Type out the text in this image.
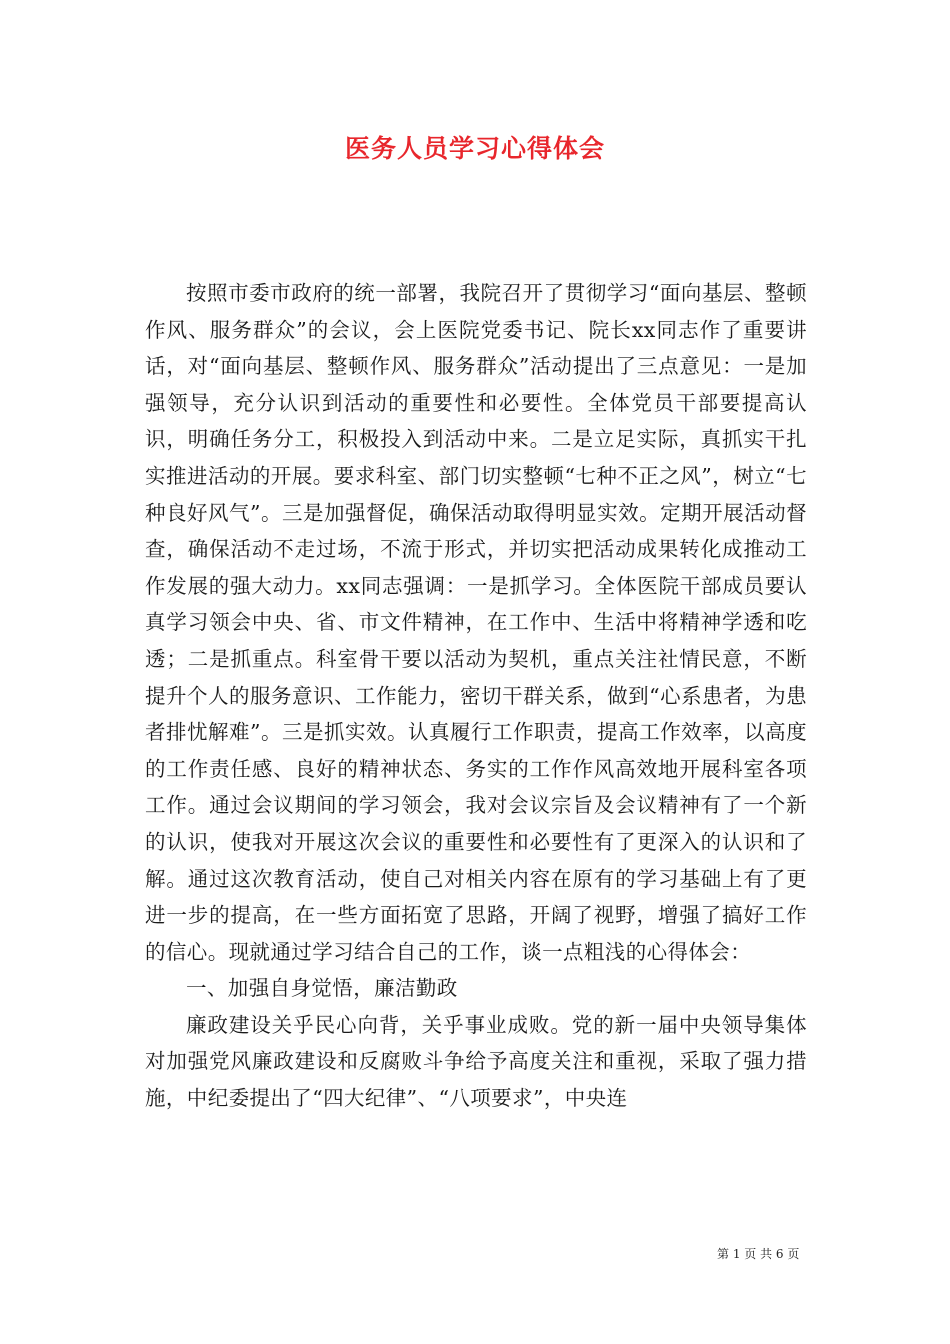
医务人员学习心得体会

按照市委市政府的统一部署，我院召开了贯彻学习“面向基层、整顿作风、服务群众”的会议，会上医院党委书记、院长xx同志作了重要讲话，对“面向基层、整顿作风、服务群众”活动提出了三点意见：一是加强领导，充分认识到活动的重要性和必要性。全体党员干部要提高认识，明确任务分工，积极投入到活动中来。二是立足实际，真抓实干扎实推进活动的开展。要求科室、部门切实整顿“七种不正之风”，树立“七种良好风气”。三是加强督促，确保活动取得明显实效。定期开展活动督查，确保活动不走过场，不流于形式，并切实把活动成果转化成推动工作发展的强大动力。xx同志强调：一是抓学习。全体医院干部成员要认真学习领会中央、省、市文件精神，在工作中、生活中将精神学透和吃透；二是抓重点。科室骨干要以活动为契机，重点关注社情民意，不断提升个人的服务意识、工作能力，密切干群关系，做到“心系患者，为患者排忧解难”。三是抓实效。认真履行工作职责，提高工作效率，以高度的工作责任感、良好的精神状态、务实的工作作风高效地开展科室各项工作。通过会议期间的学习领会，我对会议宗旨及会议精神有了一个新的认识，使我对开展这次会议的重要性和必要性有了更深入的认识和了解。通过这次教育活动，使自己对相关内容在原有的学习基础上有了更进一步的提高，在一些方面拓宽了思路，开阔了视野，增强了搞好工作的信心。现就通过学习结合自己的工作，谈一点粗浅的心得体会：

一、加强自身觉悟，廉洁勤政

廉政建设关乎民心向背，关乎事业成败。党的新一届中央领导集体对加强党风廉政建设和反腐败斗争给予高度关注和重视，采取了强力措施，中纪委提出了“四大纪律”、“八项要求”，中央连

第 1 页 共 6 页
